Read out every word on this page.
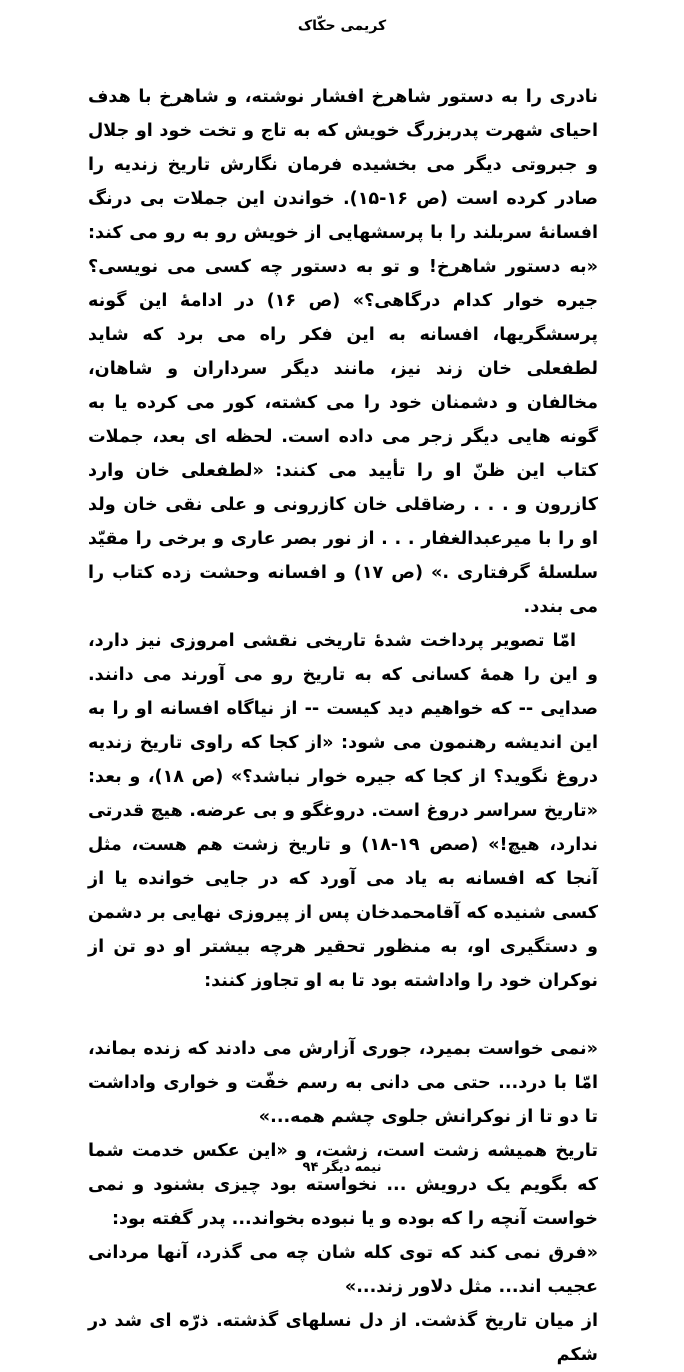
کریمی حکّاک

نادری را به دستور شاهرخ افشار نوشته، و شاهرخ با هدف احیای شهرت پدربزرگ خویش که به تاج و تخت خود او جلال و جبروتی دیگر می بخشیده فرمان نگارش تاریخ زندیه را صادر کرده است (ص ۱۶-۱۵). خواندن این جملات بی درنگ افسانهٔ سربلند را با پرسشهایی از خویش رو به رو می کند: «به دستور شاهرخ! و تو به دستور چه کسی می نویسی؟ جیره خوار کدام درگاهی؟» (ص ۱۶) در ادامهٔ این گونه پرسشگریها، افسانه به این فکر راه می برد که شاید لطفعلی خان زند نیز، مانند دیگر سرداران و شاهان، مخالفان و دشمنان خود را می کشته، کور می کرده یا به گونه هایی دیگر زجر می داده است. لحظه ای بعد، جملات کتاب این ظنّ او را تأیید می کنند: «لطفعلی خان وارد کازرون و . . . رضاقلی خان کازرونی و علی نقی خان ولد او را با میرعبدالغفار . . . از نور بصر عاری و برخی را مقیّد سلسلهٔ گرفتاری .» (ص ۱۷) و افسانه وحشت زده کتاب را می بندد.

امّا تصویر پرداخت شدهٔ تاریخی نقشی امروزی نیز دارد، و این را همهٔ کسانی که به تاریخ رو می آورند می دانند. صدایی -- که خواهیم دید کیست -- از نیاگاه افسانه او را به این اندیشه رهنمون می شود: «از کجا که راوی تاریخ زندیه دروغ نگوید؟ از کجا که جیره خوار نباشد؟» (ص ۱۸)، و بعد: «تاریخ سراسر دروغ است. دروغگو و بی عرضه. هیچ قدرتی ندارد، هیچ!» (صص ۱۹-۱۸) و تاریخ زشت هم هست، مثل آنجا که افسانه به یاد می آورد که در جایی خوانده یا از کسی شنیده که آقامحمدخان پس از پیروزی نهایی بر دشمن و دستگیری او، به منظور تحقیر هرچه بیشتر او دو تن از نوکران خود را واداشته بود تا به او تجاوز کنند:

«نمی خواست بمیرد، جوری آزارش می دادند که زنده بماند، امّا با درد... حتی می دانی به رسم خفّت و خواری واداشت تا دو تا از نوکرانش جلوی چشم همه...»

تاریخ همیشه زشت است، زشت، و «این عکس خدمت شما که بگویم یک درویش ... نخواسته بود چیزی بشنود و نمی خواست آنچه را که بوده و یا نبوده بخواند... پدر گفته بود:

«فرق نمی کند که توی کله شان چه می گذرد، آنها مردانی عجیب اند... مثل دلاور زند...»

از میان تاریخ گذشت. از دل نسلهای گذشته. ذرّه ای شد در شکم

نیمه دیگر ۹۴
